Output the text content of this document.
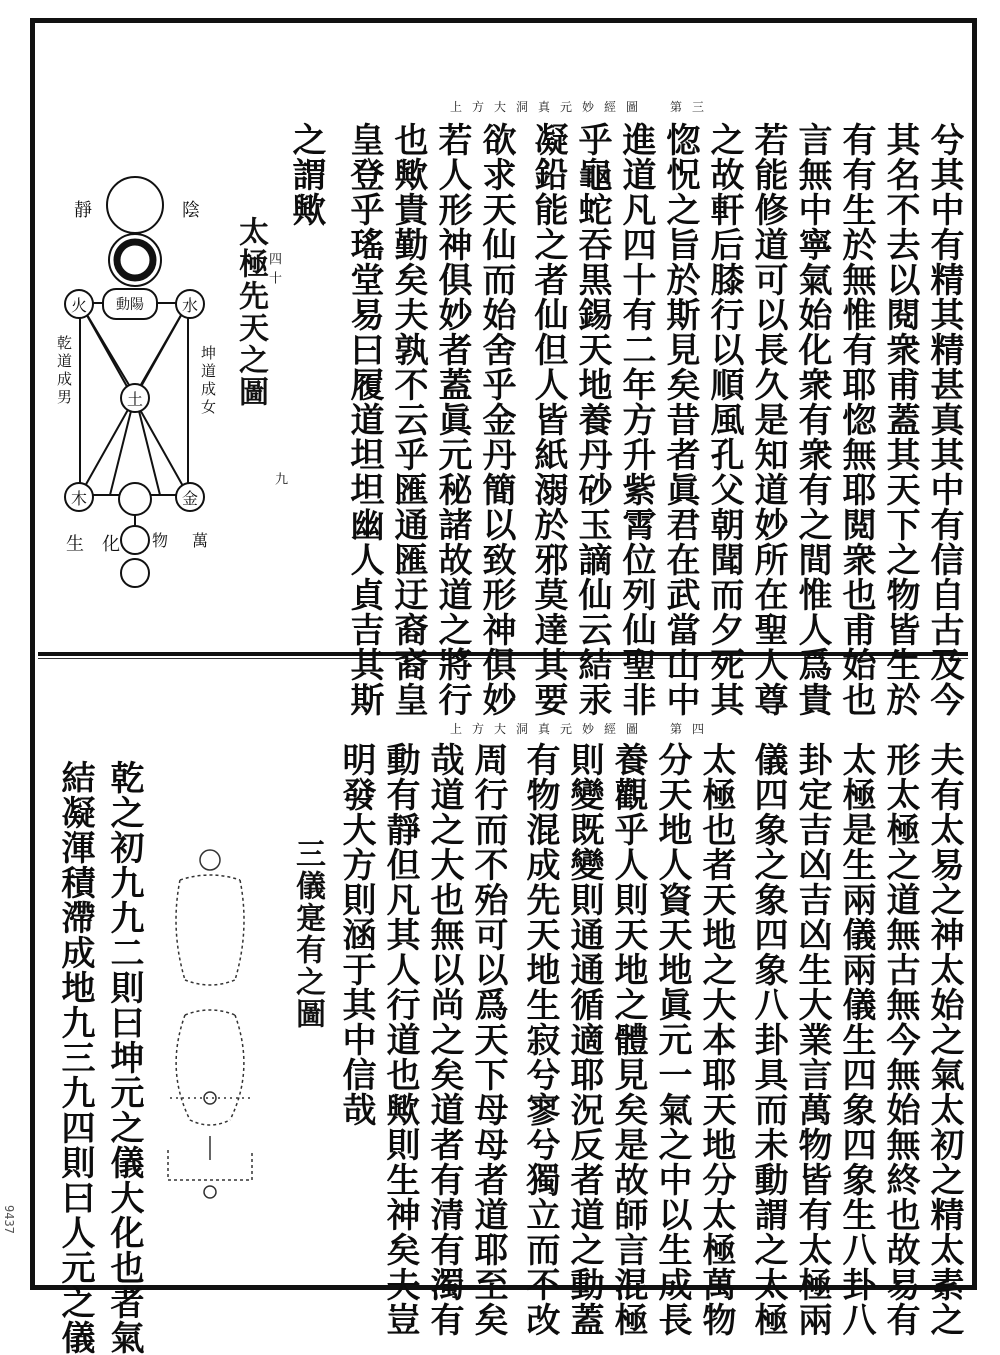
上方大洞真元妙經圖　第三
兮其中有精其精甚真其中有信自古及今
其名不去以閱衆甫蓋其天下之物皆生於
有有生於無惟有耶惚無耶閲衆也甫始也
言無中寧氣始化衆有衆有之間惟人爲貴
若能修道可以長久是知道妙所在聖人尊
之故軒后膝行以順風孔父朝聞而夕死其
惚怳之旨於斯見矣昔者眞君在武當山中
進道凡四十有二年方升紫霄位列仙聖非
乎龜蛇吞黒錫天地養丹砂玉謫仙云結汞
凝鉛能之者仙但人皆紙溺於邪莫達其要
欲求天仙而始舍乎金丹簡以致形神俱妙
若人形神俱妙者蓋眞元秘諸故道之將行
也歟貴勤矣夫孰不云乎匯通匯迂裔裔皇
皇登乎瑤堂易曰履道坦坦幽人貞吉其斯
之謂歟
太極先天之圖
四十
九
動 陽
火	水
土
木	金
陰
靜
乾道成男	坤道成女
生　化 物 萬
上方大洞真元妙經圖　第四
夫有太易之神太始之氣太初之精太素之
形太極之道無古無今無始無終也故易有
太極是生兩儀兩儀生四象四象生八卦八
卦定吉凶吉凶生大業言萬物皆有太極兩
儀四象之象四象八卦具而未動謂之太極
太極也者天地之大本耶天地分太極萬物
分天地人資天地眞元一氣之中以生成長
養觀乎人則天地之體見矣是故師言混極
則變既變則通通循適耶況反者道之動蓋
有物混成先天地生寂兮寥兮獨立而不改
周行而不殆可以爲天下母母者道耶至矣
哉道之大也無以尚之矣道者有清有濁有
動有靜但凡其人行道也歟則生神矣夫豈
明發大方則涵于其中信哉
三儀寔有之圖
乾之初九九二則曰坤元之儀大化也者氣
結凝渾積滯成地九三九四則曰人元之儀
9437
